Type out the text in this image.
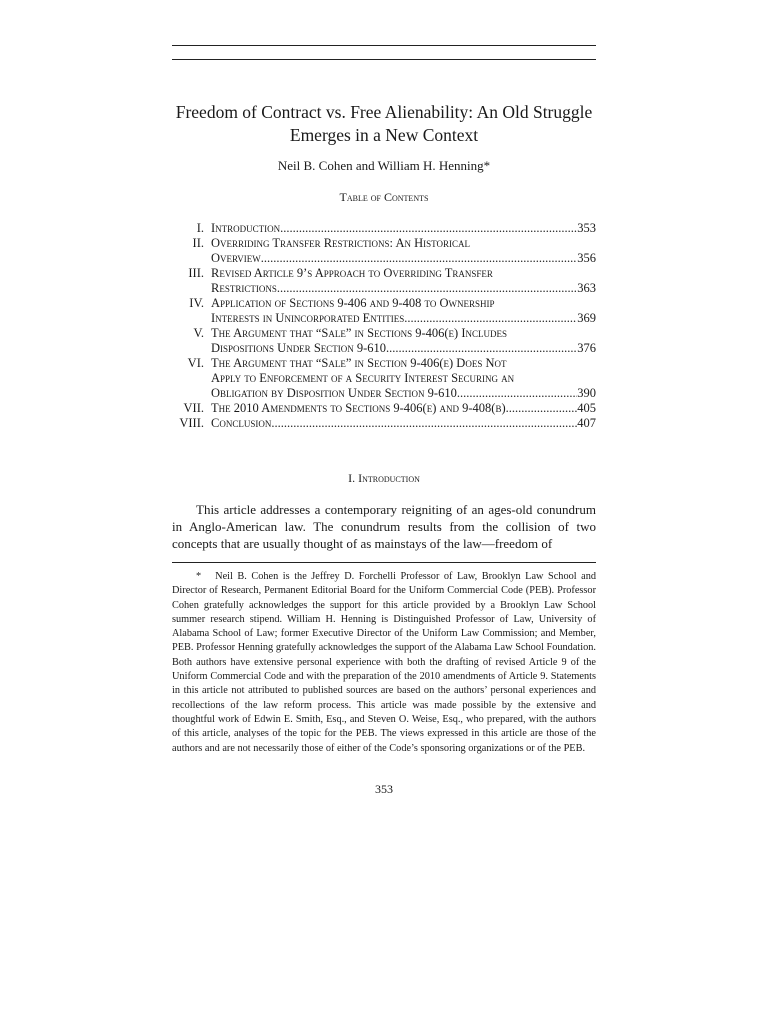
Freedom of Contract vs. Free Alienability: An Old Struggle Emerges in a New Context
Neil B. Cohen and William H. Henning*
Table of Contents
I. Introduction .....	353
II. Overriding Transfer Restrictions: An Historical
Overview .....	356
III. Revised Article 9’s Approach to Overriding Transfer
Restrictions .....	363
IV. Application of Sections 9-406 and 9-408 to Ownership
Interests in Unincorporated Entities .....	369
V. The Argument that “Sale” in Sections 9-406(e) Includes
Dispositions Under Section 9-610 .....	376
VI. The Argument that “Sale” in Section 9-406(e) Does Not
Apply to Enforcement of a Security Interest Securing an
Obligation by Disposition Under Section 9-610 .....	390
VII. The 2010 Amendments to Sections 9-406(e) and 9-408(b) .....	405
VIII. Conclusion .....	407
I. Introduction

This article addresses a contemporary reigniting of an ages-old conundrum in Anglo-American law. The conundrum results from the collision of two concepts that are usually thought of as mainstays of the law—freedom of

* Neil B. Cohen is the Jeffrey D. Forchelli Professor of Law, Brooklyn Law School and Director of Research, Permanent Editorial Board for the Uniform Commercial Code (PEB). Professor Cohen gratefully acknowledges the support for this article provided by a Brooklyn Law School summer research stipend. William H. Henning is Distinguished Professor of Law, University of Alabama School of Law; former Executive Director of the Uniform Law Commission; and Member, PEB. Professor Henning gratefully acknowledges the support of the Alabama Law School Foundation. Both authors have extensive personal experience with both the drafting of revised Article 9 of the Uniform Commercial Code and with the preparation of the 2010 amendments of Article 9. Statements in this article not attributed to published sources are based on the authors’ personal experiences and recollections of the law reform process. This article was made possible by the extensive and thoughtful work of Edwin E. Smith, Esq., and Steven O. Weise, Esq., who prepared, with the authors of this article, analyses of the topic for the PEB. The views expressed in this article are those of the authors and are not necessarily those of either of the Code’s sponsoring organizations or of the PEB.

353
